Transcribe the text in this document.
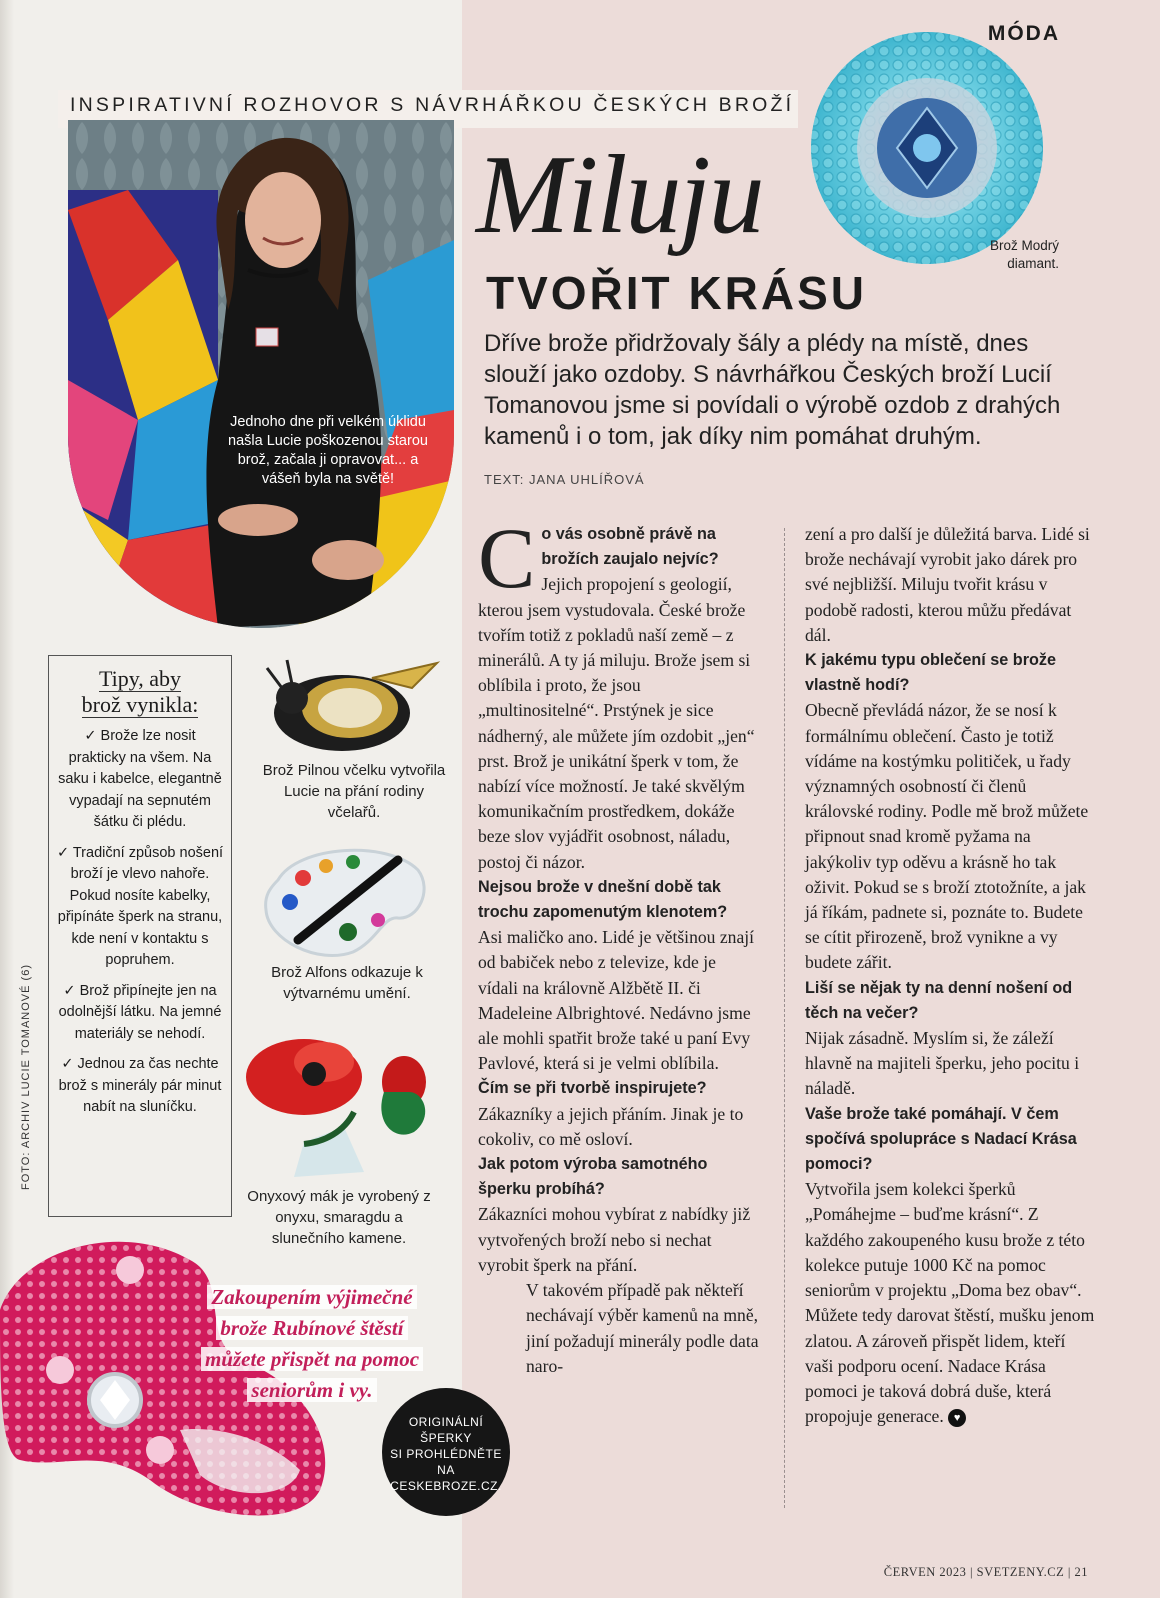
MÓDA
INSPIRATIVNÍ ROZHOVOR S NÁVRHÁŘKOU ČESKÝCH BROŽÍ
Jednoho dne při velkém úklidu našla Lucie poškozenou starou brož, začala ji opravovat... a vášeň byla na světě!
Brož Modrý diamant.
Miluju
TVOŘIT KRÁSU
Dříve brože přidržovaly šály a plédy na místě, dnes slouží jako ozdoby. S návrhářkou Českých broží Lucií Tomanovou jsme si povídali o výrobě ozdob z drahých kamenů i o tom, jak díky nim pomáhat druhým.
TEXT: JANA UHLÍŘOVÁ
C o vás osobně právě na brožích zaujalo nejvíc?

Jejich propojení s geologií, kterou jsem vystudovala. České brože tvořím totiž z pokladů naší země – z minerálů. A ty já miluju. Brože jsem si oblíbila i proto, že jsou „multinositelné“. Prstýnek je sice nádherný, ale můžete jím ozdobit „jen“ prst. Brož je unikátní šperk v tom, že nabízí více možností. Je také skvělým komunikačním prostředkem, dokáže beze slov vyjádřit osobnost, náladu, postoj či názor.

Nejsou brože v dnešní době tak trochu zapomenutým klenotem?

Asi maličko ano. Lidé je většinou znají od babiček nebo z televize, kde je vídali na královně Alžbětě II. či Madeleine Albrightové. Nedávno jsme ale mohli spatřit brože také u paní Evy Pavlové, která si je velmi oblíbila.

Čím se při tvorbě inspirujete?

Zákazníky a jejich přáním. Jinak je to cokoliv, co mě osloví.

Jak potom výroba samotného šperku probíhá?

Zákazníci mohou vybírat z nabídky již vytvořených broží nebo si nechat vyrobit šperk na přání.

V takovém případě pak někteří nechávají výběr kamenů na mně, jiní požadují minerály podle data naro-

zení a pro další je důležitá barva. Lidé si brože nechávají vyrobit jako dárek pro své nejbližší. Miluju tvořit krásu v podobě radosti, kterou můžu předávat dál.

K jakému typu oblečení se brože vlastně hodí?

Obecně převládá názor, že se nosí k formálnímu oblečení. Často je totiž vídáme na kostýmku političek, u řady významných osobností či členů královské rodiny. Podle mě brož můžete připnout snad kromě pyžama na jakýkoliv typ oděvu a krásně ho tak oživit. Pokud se s broží ztotožníte, a jak já říkám, padnete si, poznáte to. Budete se cítit přirozeně, brož vynikne a vy budete zářit.

Liší se nějak ty na denní nošení od těch na večer?

Nijak zásadně. Myslím si, že záleží hlavně na majiteli šperku, jeho pocitu i náladě.

Vaše brože také pomáhají. V čem spočívá spolupráce s Nadací Krása pomoci?

Vytvořila jsem kolekci šperků „Pomáhejme – buďme krásní“. Z každého zakoupeného kusu brože z této kolekce putuje 1000 Kč na pomoc seniorům v projektu „Doma bez obav“. Můžete tedy darovat štěstí, mušku jenom zlatou. A zároveň přispět lidem, kteří vaši podporu ocení. Nadace Krása pomoci je taková dobrá duše, která propojuje generace. ♥

Tipy, aby
brož vynikla:

✓ Brože lze nosit prakticky na všem. Na saku i kabelce, elegantně vypadají na sepnutém šátku či plédu.

✓ Tradiční způsob nošení broží je vlevo nahoře. Pokud nosíte kabelky, připínáte šperk na stranu, kde není v kontaktu s popruhem.

✓ Brož připínejte jen na odolnější látku. Na jemné materiály se nehodí.

✓ Jednou za čas nechte brož s minerály pár minut nabít na sluníčku.

Brož Pilnou včelku vytvořila Lucie na přání rodiny včelařů.
Brož Alfons odkazuje k výtvarnému umění.
Onyxový mák je vyrobený z onyxu, smaragdu a slunečního kamene.
FOTO: ARCHIV LUCIE TOMANOVÉ (6)
Zakoupením výjimečné
brože Rubínové štěstí
můžete přispět na pomoc
seniorům i vy.
ORIGINÁLNÍ
ŠPERKY
SI PROHLÉDNĚTE
NA
CESKEBROZE.CZ.
ČERVEN 2023 | SVETZENY.CZ | 21
